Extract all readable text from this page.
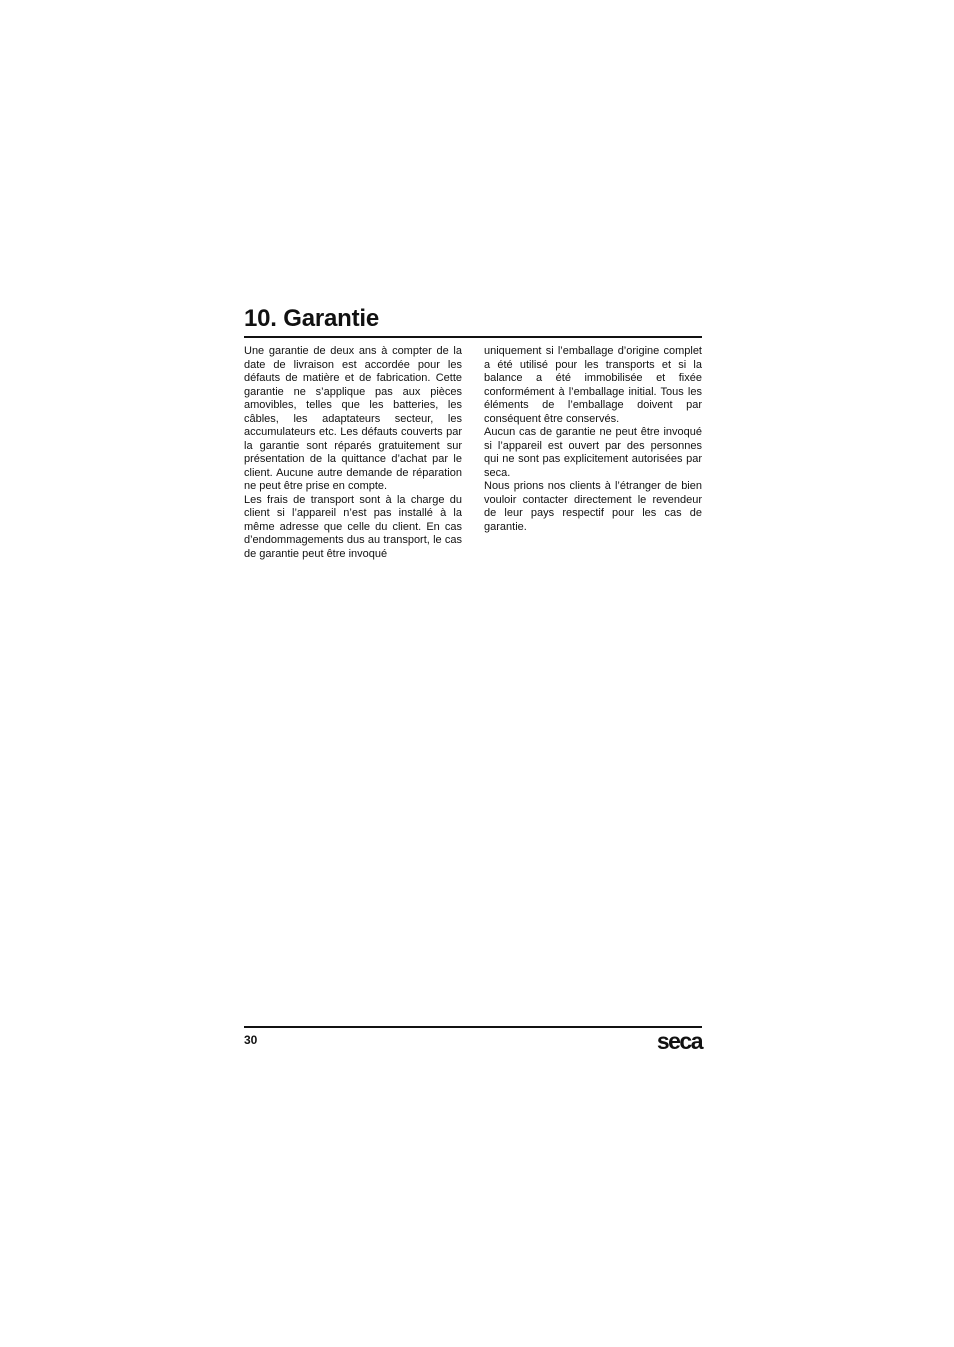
10. Garantie

Une garantie de deux ans à compter de la date de livraison est accordée pour les défauts de matière et de fabrication. Cette garantie ne s’applique pas aux pièces amovibles, telles que les batteries, les câbles, les adaptateurs secteur, les accumulateurs etc. Les défauts couverts par la garantie sont réparés gratuitement sur présentation de la quittance d’achat par le client. Aucune autre demande de réparation ne peut être prise en compte.

Les frais de transport sont à la charge du client si l’appareil n’est pas installé à la même adresse que celle du client. En cas d’endommagements dus au transport, le cas de garantie peut être invoqué

uniquement si l’emballage d’origine complet a été utilisé pour les transports et si la balance a été immobilisée et fixée conformément à l’emballage initial. Tous les éléments de l’emballage doivent par conséquent être conservés.

Aucun cas de garantie ne peut être invoqué si l’appareil est ouvert par des personnes qui ne sont pas explicitement autorisées par seca.

Nous prions nos clients à l’étranger de bien vouloir contacter directement le revendeur de leur pays respectif pour les cas de garantie.

30	seca
